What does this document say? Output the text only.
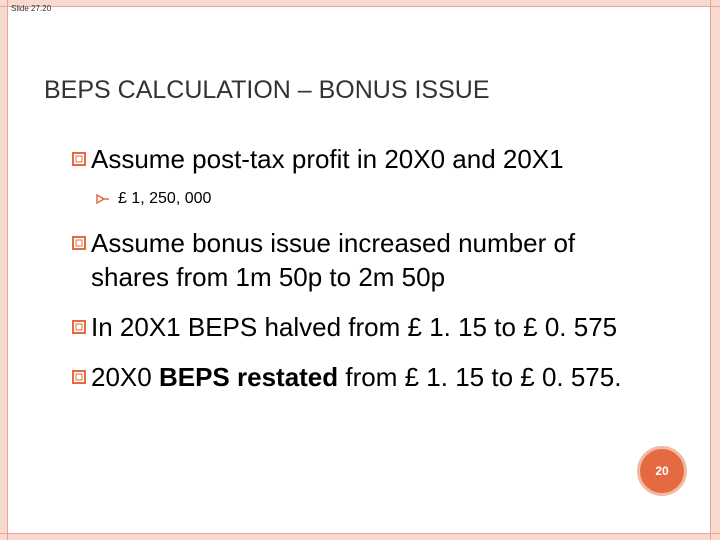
Slide 27.20
BEPS CALCULATION – BONUS ISSUE
Assume post-tax profit in 20X0 and 20X1
£ 1, 250, 000
Assume bonus issue increased number of
shares from 1m 50p to 2m 50p
In 20X1 BEPS halved from £ 1. 15 to £ 0. 575
20X0 BEPS restated from £ 1. 15 to £ 0. 575.
20
